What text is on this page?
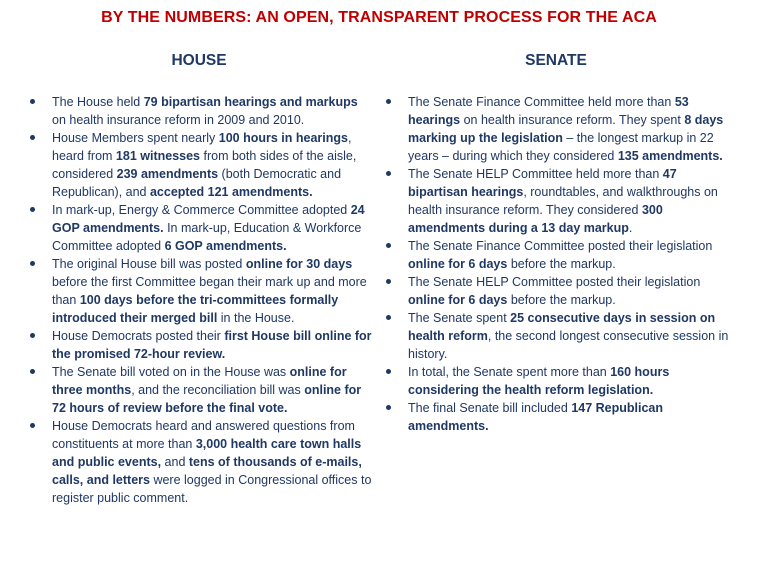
BY THE NUMBERS: AN OPEN, TRANSPARENT PROCESS FOR THE ACA
HOUSE	SENATE
The House held 79 bipartisan hearings and markups on health insurance reform in 2009 and 2010.
House Members spent nearly 100 hours in hearings, heard from 181 witnesses from both sides of the aisle, considered 239 amendments (both Democratic and Republican), and accepted 121 amendments.
In mark-up, Energy & Commerce Committee adopted 24 GOP amendments. In mark-up, Education & Workforce Committee adopted 6 GOP amendments.
The original House bill was posted online for 30 days before the first Committee began their mark up and more than 100 days before the tri-committees formally introduced their merged bill in the House.
House Democrats posted their first House bill online for the promised 72-hour review.
The Senate bill voted on in the House was online for three months, and the reconciliation bill was online for 72 hours of review before the final vote.
House Democrats heard and answered questions from constituents at more than 3,000 health care town halls and public events, and tens of thousands of e-mails, calls, and letters were logged in Congressional offices to register public comment.
The Senate Finance Committee held more than 53 hearings on health insurance reform. They spent 8 days marking up the legislation – the longest markup in 22 years – during which they considered 135 amendments.
The Senate HELP Committee held more than 47 bipartisan hearings, roundtables, and walkthroughs on health insurance reform. They considered 300 amendments during a 13 day markup.
The Senate Finance Committee posted their legislation online for 6 days before the markup.
The Senate HELP Committee posted their legislation online for 6 days before the markup.
The Senate spent 25 consecutive days in session on health reform, the second longest consecutive session in history.
In total, the Senate spent more than 160 hours considering the health reform legislation.
The final Senate bill included 147 Republican amendments.
